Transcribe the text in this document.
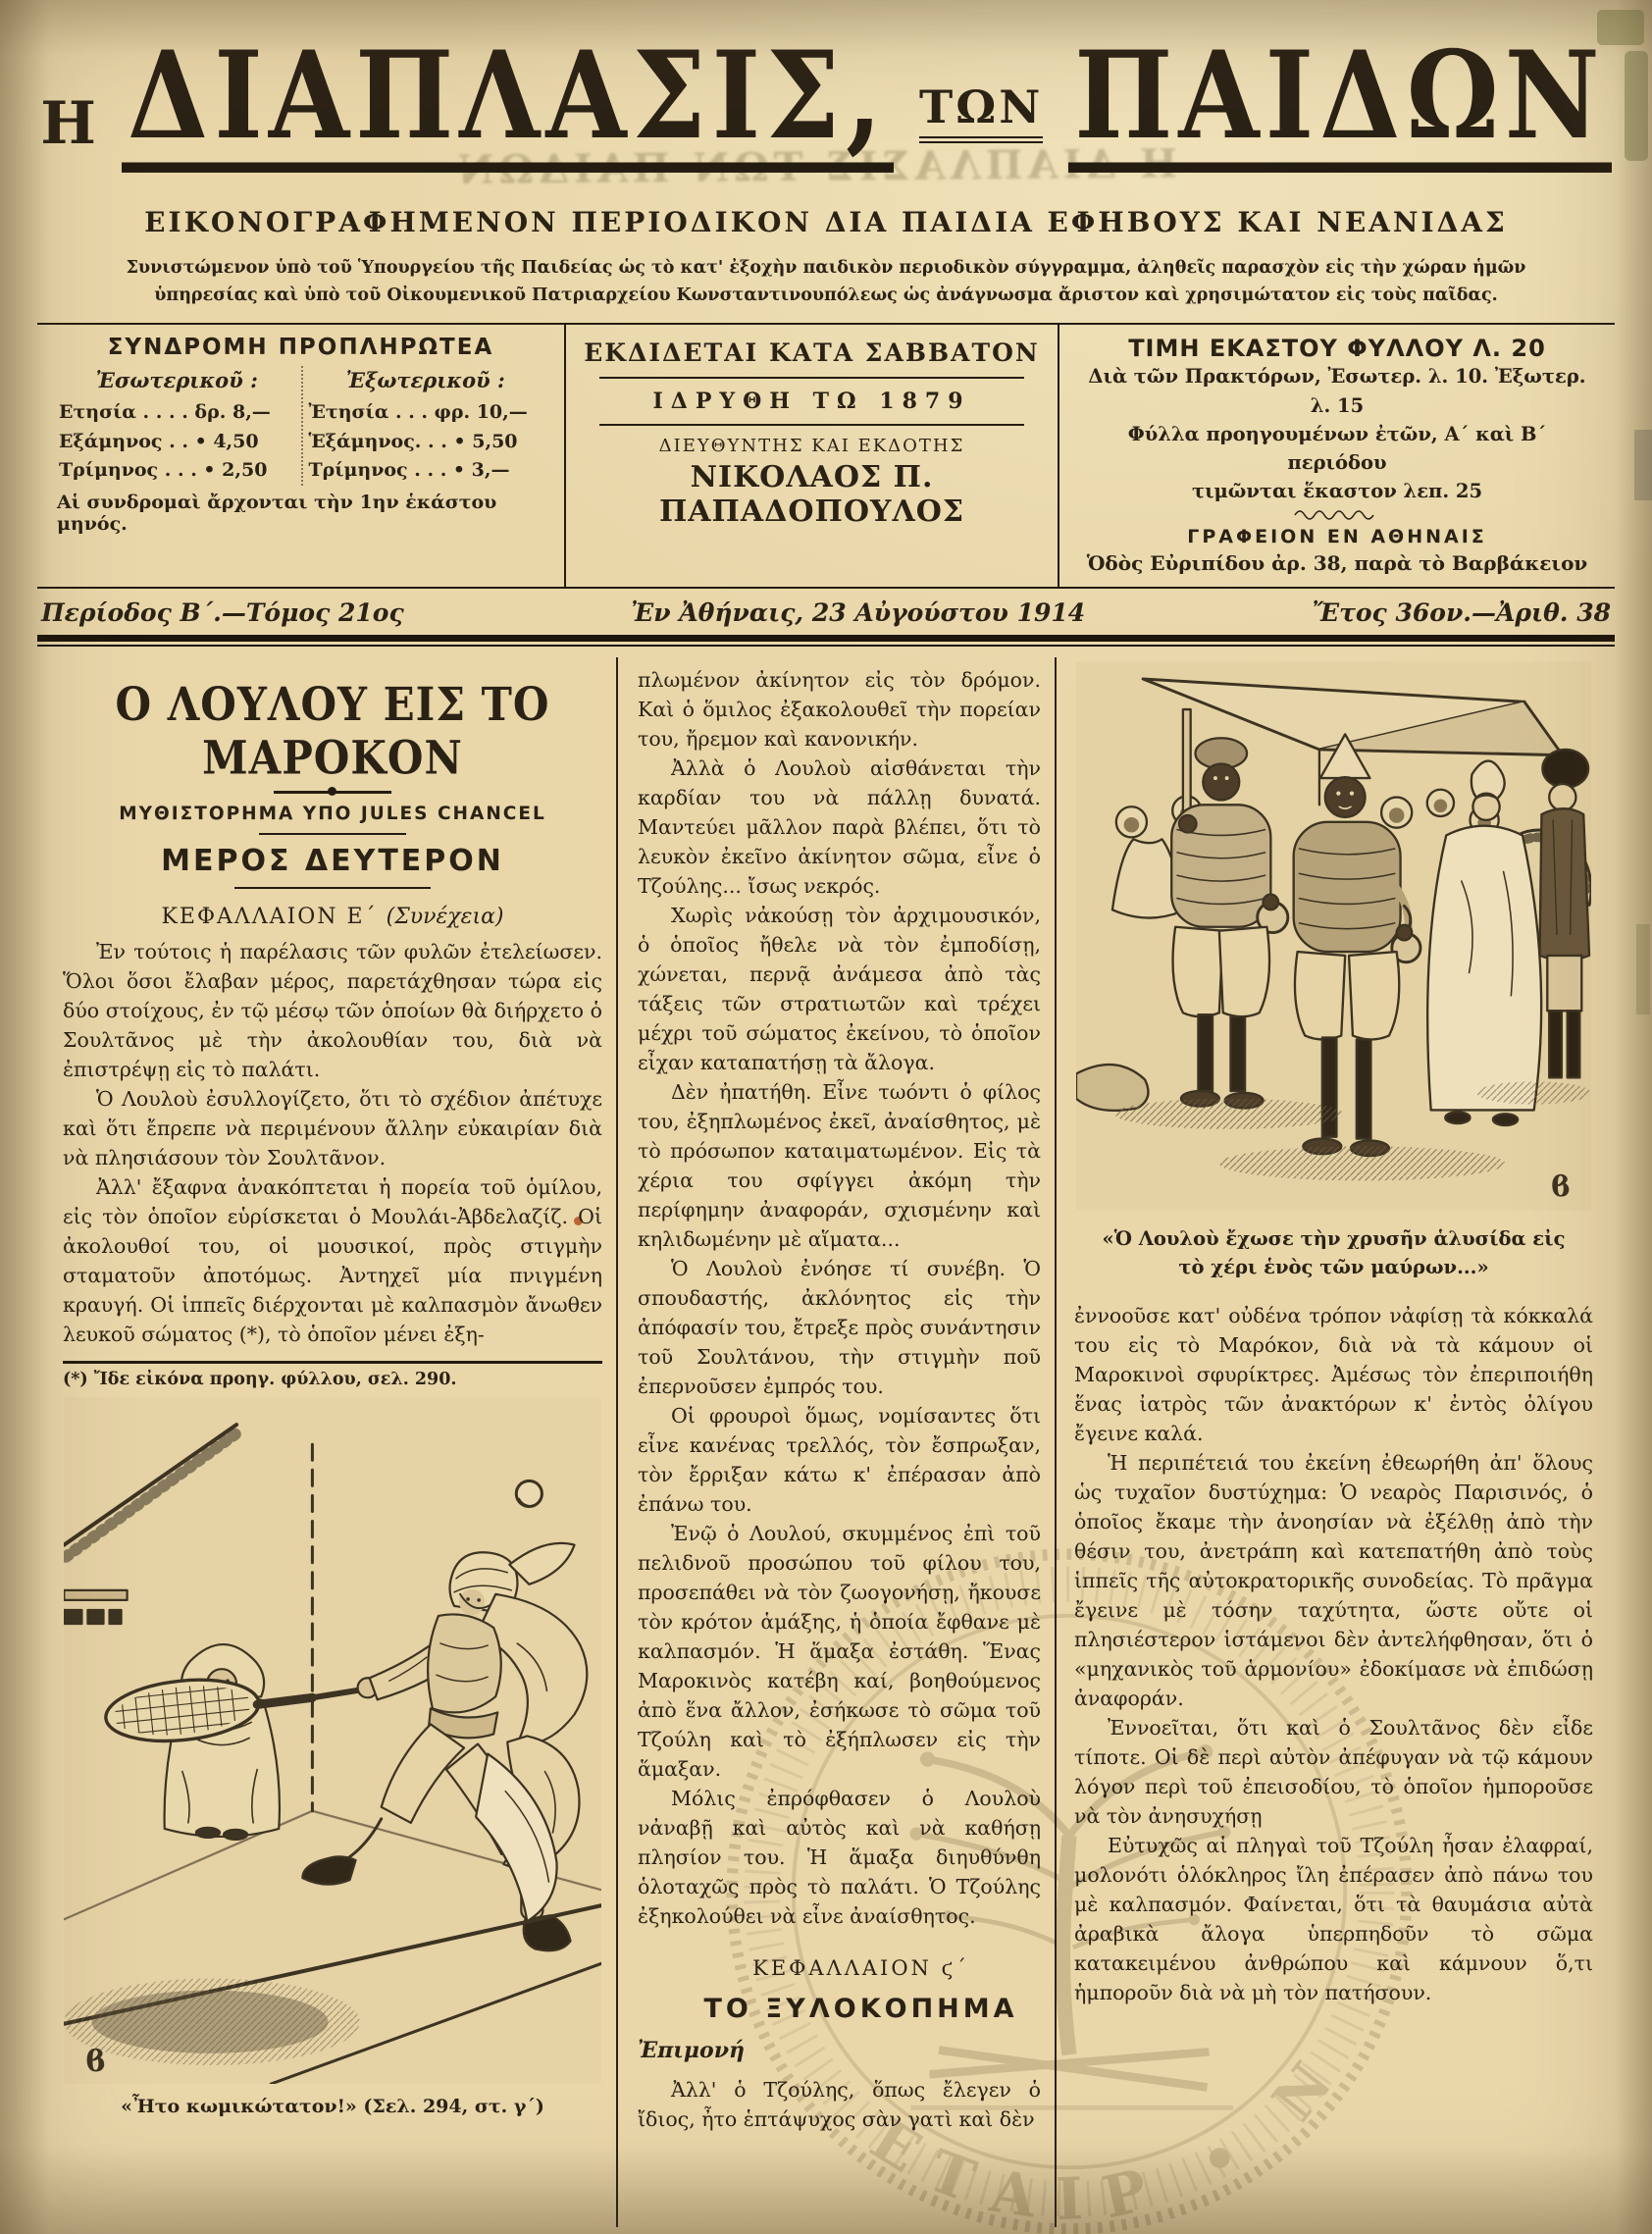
Η ΔΙΑΠΛΑΣΙΣ ΤΩΝ ΠΑΙΔΩΝ
Η ΔΙΑΠΛΑΣΙΣ, ΤΩΝ ΠΑΙΔΩΝ
ΕΙΚΟΝΟΓΡΑΦΗΜΕΝΟΝ ΠΕΡΙΟΔΙΚΟΝ ΔΙΑ ΠΑΙΔΙΑ ΕΦΗΒΟΥΣ ΚΑΙ ΝΕΑΝΙΔΑΣ
Συνιστώμενον ὑπὸ τοῦ Ὑπουργείου τῆς Παιδείας ὡς τὸ κατ' ἐξοχὴν παιδικὸν περιοδικὸν σύγγραμμα, ἀληθεῖς παρασχὸν εἰς τὴν χώραν ἡμῶν ὑπηρεσίας καὶ ὑπὸ τοῦ Οἰκουμενικοῦ Πατριαρχείου Κωνσταντινουπόλεως ὡς ἀνάγνωσμα ἄριστον καὶ χρησιμώτατον εἰς τοὺς παῖδας.
ΣΥΝΔΡΟΜΗ ΠΡΟΠΛΗΡΩΤΕΑ
Ἐσωτερικοῦ :
Ετησία . . . . δρ. 8,—
Εξάμηνος . . • 4,50
Τρίμηνος . . . • 2,50
Ἐξωτερικοῦ :
Ἐτησία . . . φρ. 10,—
Ἑξάμηνος. . . • 5,50
Τρίμηνος . . . • 3,—
Αἱ συνδρομαὶ ἄρχονται τὴν 1ην ἑκάστου μηνός.
ΕΚΔΙΔΕΤΑΙ ΚΑΤΑ ΣΑΒΒΑΤΟΝ
ΙΔΡΥΘΗ ΤΩ 1879
ΔΙΕΥΘΥΝΤΗΣ ΚΑΙ ΕΚΔΟΤΗΣ
ΝΙΚΟΛΑΟΣ Π. ΠΑΠΑΔΟΠΟΥΛΟΣ
ΤΙΜΗ ΕΚΑΣΤΟΥ ΦΥΛΛΟΥ Λ. 20
Διὰ τῶν Πρακτόρων, Ἐσωτερ. λ. 10. Ἐξωτερ. λ. 15
Φύλλα προηγουμένων ἐτῶν, Α΄ καὶ Β΄ περιόδου
τιμῶνται ἕκαστον λεπ. 25
ΓΡΑΦΕΙΟΝ ΕΝ ΑΘΗΝΑΙΣ
Ὁδὸς Εὐριπίδου ἀρ. 38, παρὰ τὸ Βαρβάκειον
Περίοδος Β΄.—Τόμος 21ος	Ἐν Ἀθήναις, 23 Αὐγούστου 1914	Ἔτος 36ον.—Ἀριθ. 38
Ο ΛΟΥΛΟΥ ΕΙΣ ΤΟ ΜΑΡΟΚΟΝ
ΜΥΘΙΣΤΟΡΗΜΑ ΥΠΟ JULES CHANCEL
ΜΕΡΟΣ ΔΕΥΤΕΡΟΝ
ΚΕΦΑΛΛΑΙΟΝ Ε΄ (Συνέχεια)

Ἐν τούτοις ἡ παρέλασις τῶν φυλῶν ἐτελείωσεν. Ὅλοι ὅσοι ἔλαβαν μέρος, παρετάχθησαν τώρα εἰς δύο στοίχους, ἐν τῷ μέσῳ τῶν ὁποίων θὰ διήρχετο ὁ Σουλτᾶνος μὲ τὴν ἀκολουθίαν του, διὰ νὰ ἐπιστρέψῃ εἰς τὸ παλάτι.

Ὁ Λουλοὺ ἐσυλλογίζετο, ὅτι τὸ σχέδιον ἀπέτυχε καὶ ὅτι ἔπρεπε νὰ περιμένουν ἄλλην εὐκαιρίαν διὰ νὰ πλησιάσουν τὸν Σουλτᾶνον.

Ἀλλ' ἔξαφνα ἀνακόπτεται ἡ πορεία τοῦ ὁμίλου, εἰς τὸν ὁποῖον εὑρίσκεται ὁ Μουλάι-Ἀβδελαζίζ. Οἱ ἀκολουθοί του, οἱ μουσικοί, πρὸς στιγμὴν σταματοῦν ἀποτόμως. Ἀντηχεῖ μία πνιγμένη κραυγή. Οἱ ἱππεῖς διέρχονται μὲ καλπασμὸν ἄνωθεν λευκοῦ σώματος (*), τὸ ὁποῖον μένει ἐξη-

(*) Ἴδε εἰκόνα προηγ. φύλλου, σελ. 290.
ϐ
«Ἦτο κωμικώτατον!» (Σελ. 294, στ. γ΄)

πλωμένον ἀκίνητον εἰς τὸν δρόμον. Καὶ ὁ ὅμιλος ἐξακολουθεῖ τὴν πορείαν του, ἤρεμον καὶ κανονικήν.

Ἀλλὰ ὁ Λουλοὺ αἰσθάνεται τὴν καρδίαν του νὰ πάλλῃ δυνατά. Μαντεύει μᾶλλον παρὰ βλέπει, ὅτι τὸ λευκὸν ἐκεῖνο ἀκίνητον σῶμα, εἶνε ὁ Τζούλης... ἴσως νεκρός.

Χωρὶς νἀκούσῃ τὸν ἀρχιμουσικόν, ὁ ὁποῖος ἤθελε νὰ τὸν ἐμποδίσῃ, χώνεται, περνᾷ ἀνάμεσα ἀπὸ τὰς τάξεις τῶν στρατιωτῶν καὶ τρέχει μέχρι τοῦ σώματος ἐκείνου, τὸ ὁποῖον εἶχαν καταπατήσῃ τὰ ἄλογα.

Δὲν ἠπατήθη. Εἶνε τωόντι ὁ φίλος του, ἐξηπλωμένος ἐκεῖ, ἀναίσθητος, μὲ τὸ πρόσωπον καταιματωμένον. Εἰς τὰ χέρια του σφίγγει ἀκόμη τὴν περίφημην ἀναφοράν, σχισμένην καὶ κηλιδωμένην μὲ αἵματα...

Ὁ Λουλοὺ ἐνόησε τί συνέβη. Ὁ σπουδαστής, ἀκλόνητος εἰς τὴν ἀπόφασίν του, ἔτρεξε πρὸς συνάντησιν τοῦ Σουλτάνου, τὴν στιγμὴν ποῦ ἐπερνοῦσεν ἐμπρός του.

Οἱ φρουροὶ ὅμως, νομίσαντες ὅτι εἶνε κανένας τρελλός, τὸν ἔσπρωξαν, τὸν ἔρριξαν κάτω κ' ἐπέρασαν ἀπὸ ἐπάνω του.

Ἐνῷ ὁ Λουλού, σκυμμένος ἐπὶ τοῦ πελιδνοῦ προσώπου τοῦ φίλου του, προσεπάθει νὰ τὸν ζωογονήσῃ, ἤκουσε τὸν κρότον ἁμάξης, ἡ ὁποία ἔφθανε μὲ καλπασμόν. Ἡ ἅμαξα ἐστάθη. Ἕνας Μαροκινὸς κατέβη καί, βοηθούμενος ἀπὸ ἕνα ἄλλον, ἐσήκωσε τὸ σῶμα τοῦ Τζούλη καὶ τὸ ἐξήπλωσεν εἰς τὴν ἅμαξαν.

Μόλις ἐπρόφθασεν ὁ Λουλοὺ νἀναβῇ καὶ αὐτὸς καὶ νὰ καθήσῃ πλησίον του. Ἡ ἅμαξα διηυθύνθη ὁλοταχῶς πρὸς τὸ παλάτι. Ὁ Τζούλης ἐξηκολούθει νὰ εἶνε ἀναίσθητος.

ΚΕΦΑΛΛΑΙΟΝ ϛ΄
ΤΟ ΞΥΛΟΚΟΠΗΜΑ
Ἐπιμονή

Ἀλλ' ὁ Τζούλης, ὅπως ἔλεγεν ὁ ἴδιος, ἦτο ἑπτάψυχος σὰν γατὶ καὶ δὲν

ϐ
«Ὁ Λουλοὺ ἔχωσε τὴν χρυσῆν ἁλυσίδα εἰς τὸ χέρι ἑνὸς τῶν μαύρων...»

ἐννοοῦσε κατ' οὐδένα τρόπον νἀφίσῃ τὰ κόκκαλά του εἰς τὸ Μαρόκον, διὰ νὰ τὰ κάμουν οἱ Μαροκινοὶ σφυρίκτρες. Ἀμέσως τὸν ἐπεριποιήθη ἕνας ἰατρὸς τῶν ἀνακτόρων κ' ἐντὸς ὀλίγου ἔγεινε καλά.

Ἡ περιπέτειά του ἐκείνη ἐθεωρήθη ἀπ' ὅλους ὡς τυχαῖον δυστύχημα: Ὁ νεαρὸς Παρισινός, ὁ ὁποῖος ἔκαμε τὴν ἀνοησίαν νὰ ἐξέλθῃ ἀπὸ τὴν θέσιν του, ἀνετράπη καὶ κατεπατήθη ἀπὸ τοὺς ἱππεῖς τῆς αὐτοκρατορικῆς συνοδείας. Τὸ πρᾶγμα ἔγεινε μὲ τόσην ταχύτητα, ὥστε οὔτε οἱ πλησιέστερον ἱστάμενοι δὲν ἀντελήφθησαν, ὅτι ὁ «μηχανικὸς τοῦ ἁρμονίου» ἐδοκίμασε νὰ ἐπιδώσῃ ἀναφοράν.

Ἐννοεῖται, ὅτι καὶ ὁ Σουλτᾶνος δὲν εἶδε τίποτε. Οἱ δὲ περὶ αὐτὸν ἀπέφυγαν νὰ τῷ κάμουν λόγον περὶ τοῦ ἐπεισοδίου, τὸ ὁποῖον ἡμποροῦσε νὰ τὸν ἀνησυχήσῃ

Εὐτυχῶς αἱ πληγαὶ τοῦ Τζούλη ἦσαν ἐλαφραί, μολονότι ὁλόκληρος ἴλη ἐπέρασεν ἀπὸ πάνω του μὲ καλπασμόν. Φαίνεται, ὅτι τὰ θαυμάσια αὐτὰ ἀραβικὰ ἄλογα ὑπερπηδοῦν τὸ σῶμα κατακειμένου ἀνθρώπου καὶ κάμνουν ὅ,τι ἡμποροῦν διὰ νὰ μὴ τὸν πατήσουν.

ΕΤΑΙΡ • ΝΥΣ
